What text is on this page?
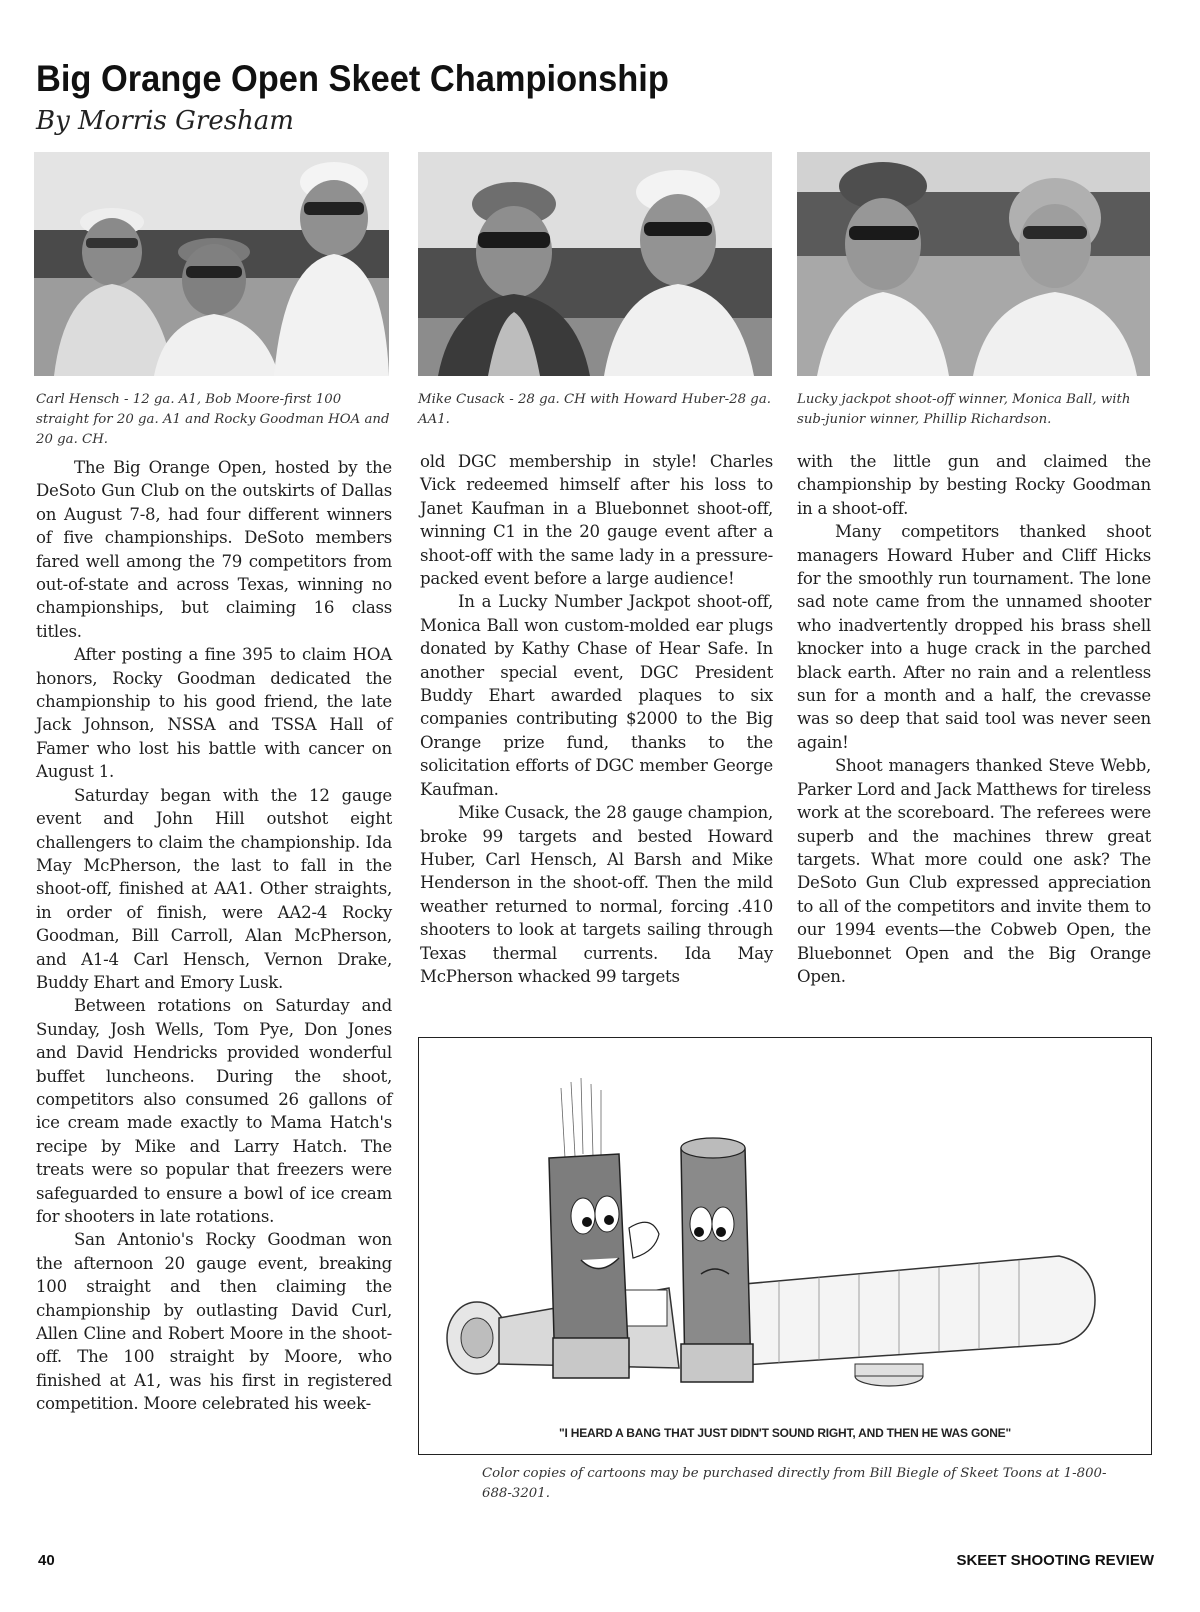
Big Orange Open Skeet Championship
By Morris Gresham
Carl Hensch - 12 ga. A1, Bob Moore-first 100 straight for 20 ga. A1 and Rocky Goodman HOA and 20 ga. CH.
Mike Cusack - 28 ga. CH with Howard Huber-28 ga. AA1.
Lucky jackpot shoot-off winner, Monica Ball, with sub-junior winner, Phillip Richardson.

The Big Orange Open, hosted by the DeSoto Gun Club on the outskirts of Dallas on August 7-8, had four different winners of five championships. DeSoto members fared well among the 79 competitors from out-of-state and across Texas, winning no championships, but claiming 16 class titles.

After posting a fine 395 to claim HOA honors, Rocky Goodman dedicated the championship to his good friend, the late Jack Johnson, NSSA and TSSA Hall of Famer who lost his battle with cancer on August 1.

Saturday began with the 12 gauge event and John Hill outshot eight challengers to claim the championship. Ida May McPherson, the last to fall in the shoot-off, finished at AA1. Other straights, in order of finish, were AA2-4 Rocky Goodman, Bill Carroll, Alan McPherson, and A1-4 Carl Hensch, Vernon Drake, Buddy Ehart and Emory Lusk.

Between rotations on Saturday and Sunday, Josh Wells, Tom Pye, Don Jones and David Hendricks provided wonderful buffet luncheons. During the shoot, competitors also consumed 26 gallons of ice cream made exactly to Mama Hatch's recipe by Mike and Larry Hatch. The treats were so popular that freezers were safeguarded to ensure a bowl of ice cream for shooters in late rotations.

San Antonio's Rocky Goodman won the afternoon 20 gauge event, breaking 100 straight and then claiming the championship by outlasting David Curl, Allen Cline and Robert Moore in the shoot-off. The 100 straight by Moore, who finished at A1, was his first in registered competition. Moore celebrated his week-

old DGC membership in style! Charles Vick redeemed himself after his loss to Janet Kaufman in a Bluebonnet shoot-off, winning C1 in the 20 gauge event after a shoot-off with the same lady in a pressure-packed event before a large audience!

In a Lucky Number Jackpot shoot-off, Monica Ball won custom-molded ear plugs donated by Kathy Chase of Hear Safe. In another special event, DGC President Buddy Ehart awarded plaques to six companies contributing $2000 to the Big Orange prize fund, thanks to the solicitation efforts of DGC member George Kaufman.

Mike Cusack, the 28 gauge champion, broke 99 targets and bested Howard Huber, Carl Hensch, Al Barsh and Mike Henderson in the shoot-off. Then the mild weather returned to normal, forcing .410 shooters to look at targets sailing through Texas thermal currents. Ida May McPherson whacked 99 targets

with the little gun and claimed the championship by besting Rocky Goodman in a shoot-off.

Many competitors thanked shoot managers Howard Huber and Cliff Hicks for the smoothly run tournament. The lone sad note came from the unnamed shooter who inadvertently dropped his brass shell knocker into a huge crack in the parched black earth. After no rain and a relentless sun for a month and a half, the crevasse was so deep that said tool was never seen again!

Shoot managers thanked Steve Webb, Parker Lord and Jack Matthews for tireless work at the scoreboard. The referees were superb and the machines threw great targets. What more could one ask? The DeSoto Gun Club expressed appreciation to all of the competitors and invite them to our 1994 events—the Cobweb Open, the Bluebonnet Open and the Big Orange Open.

"I HEARD A BANG THAT JUST DIDN'T SOUND RIGHT, AND THEN HE WAS GONE"
Color copies of cartoons may be purchased directly from Bill Biegle of Skeet Toons at 1-800-688-3201.
40	SKEET SHOOTING REVIEW
